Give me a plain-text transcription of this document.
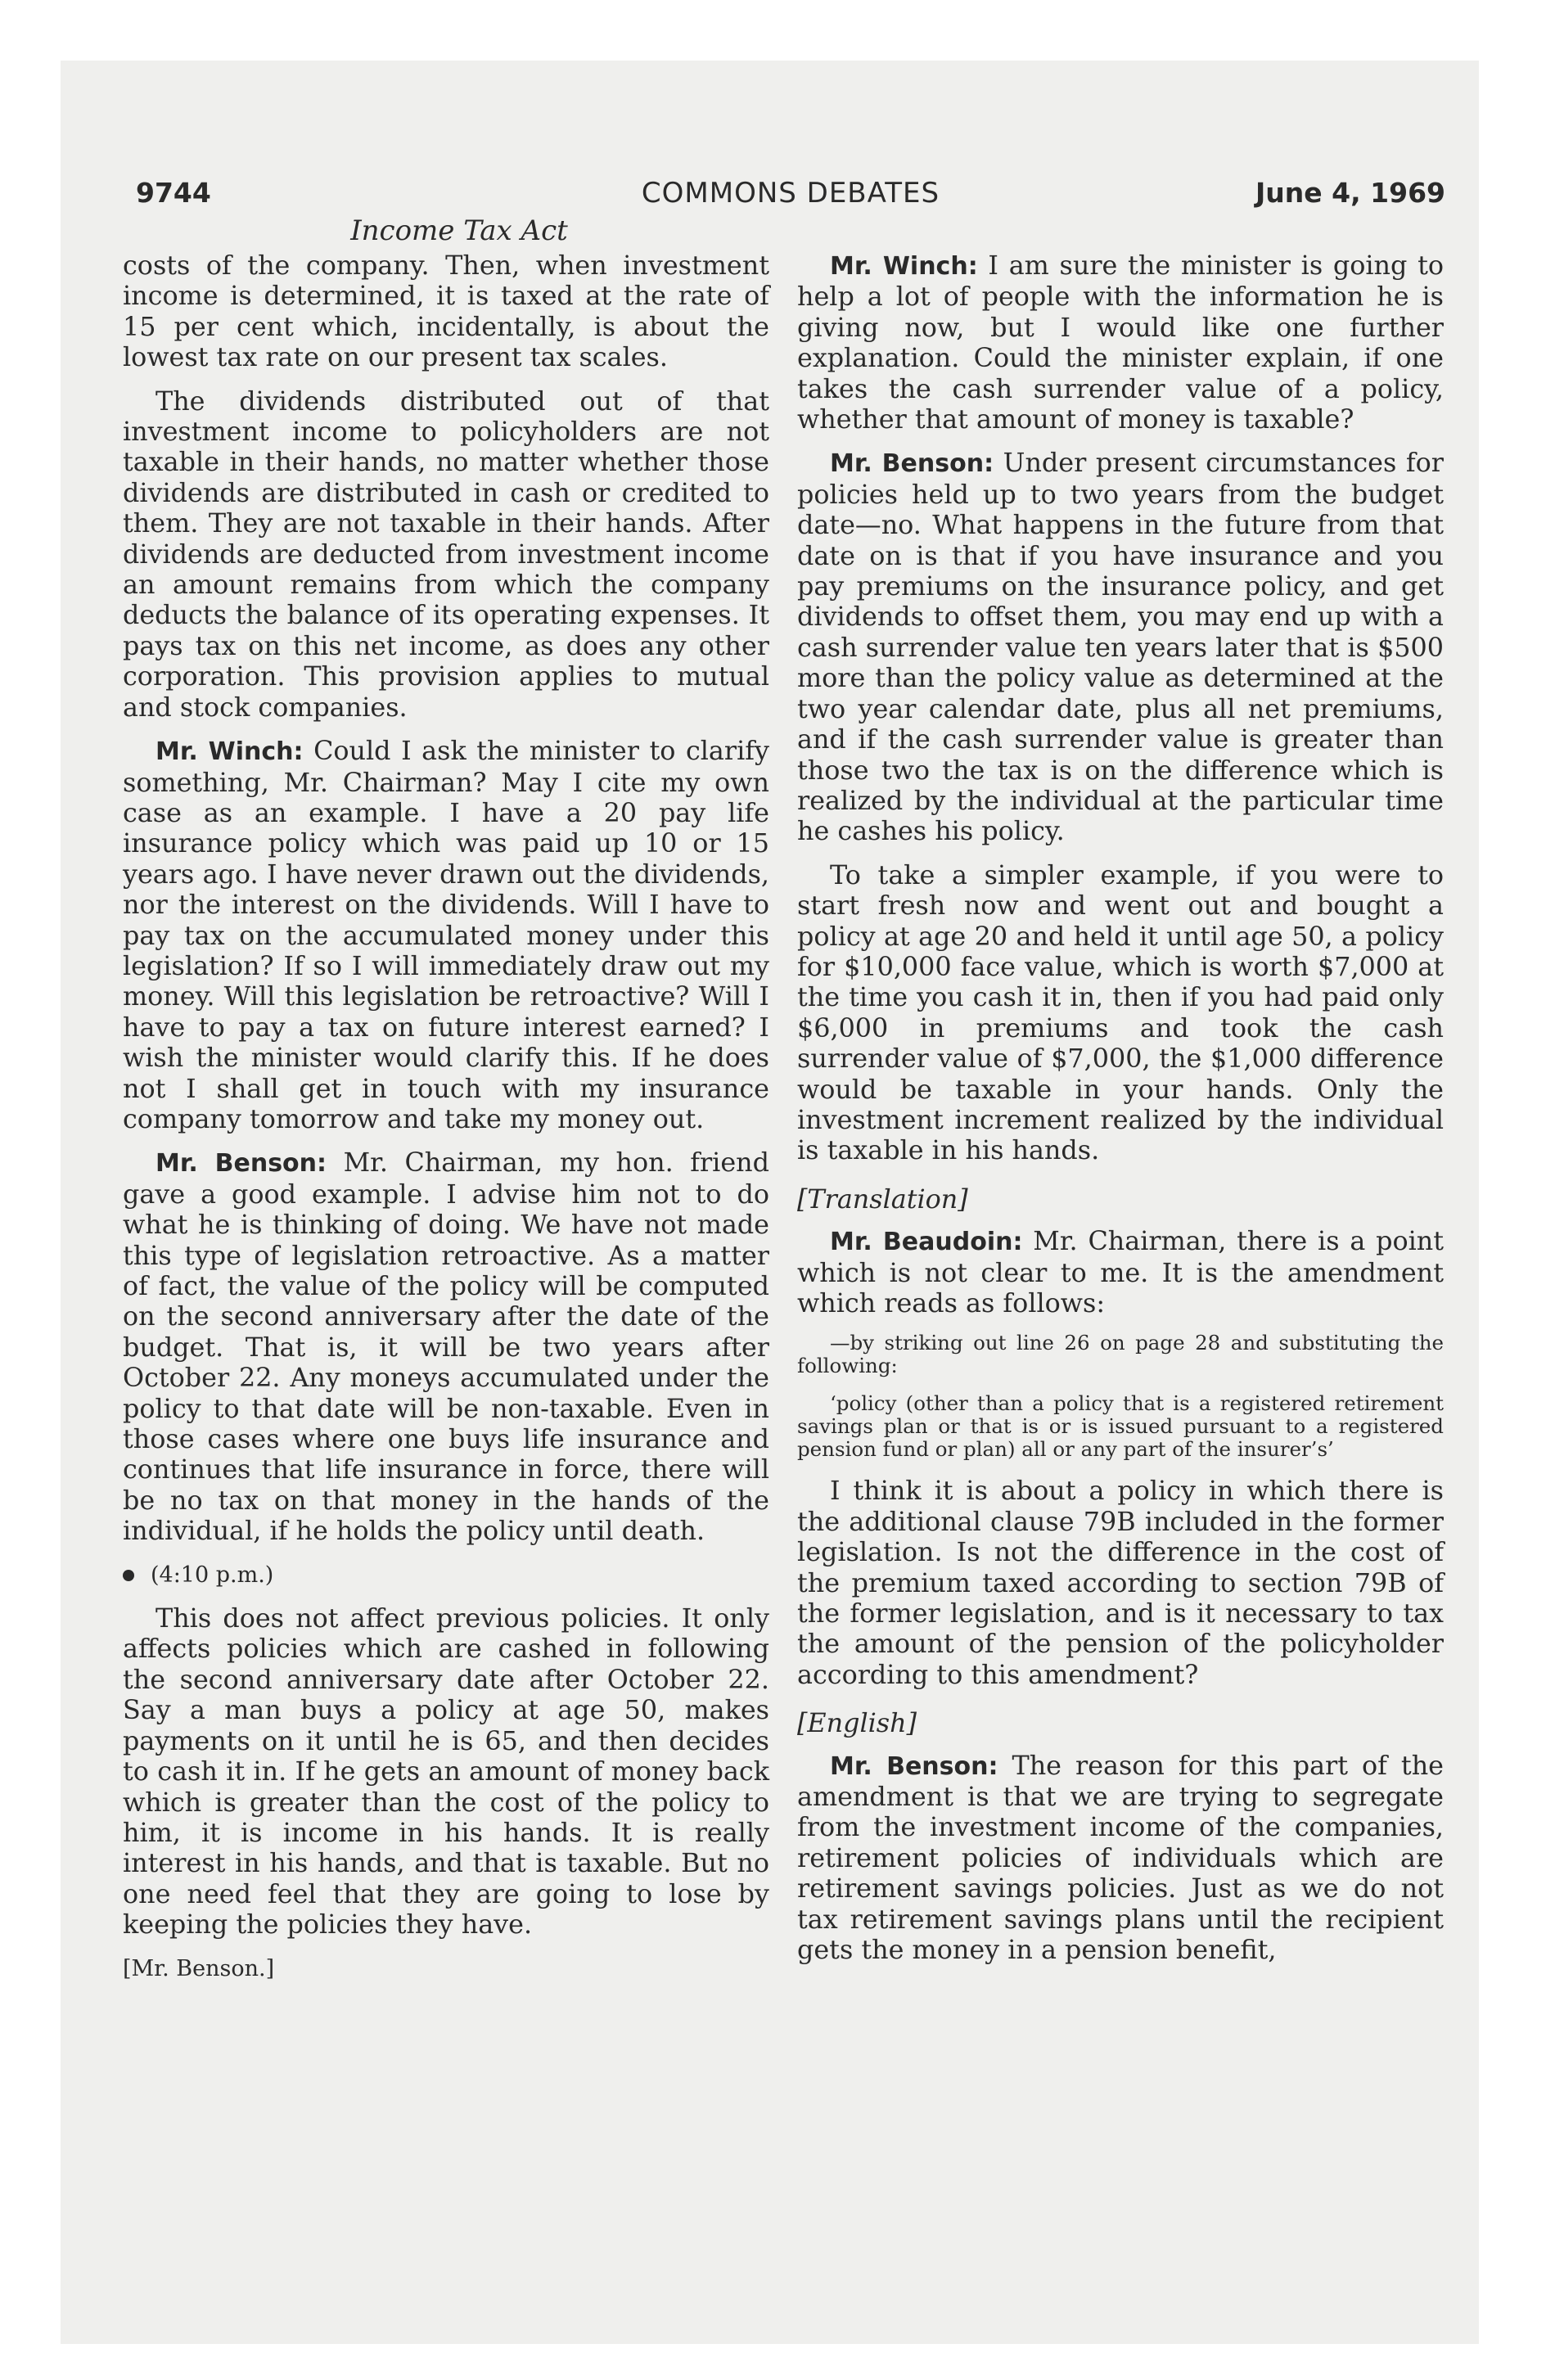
9744	COMMONS DEBATES	June 4, 1969
Income Tax Act

costs of the company. Then, when investment income is determined, it is taxed at the rate of 15 per cent which, incidentally, is about the lowest tax rate on our present tax scales.

The dividends distributed out of that investment income to policyholders are not taxable in their hands, no matter whether those dividends are distributed in cash or credited to them. They are not taxable in their hands. After dividends are deducted from investment income an amount remains from which the company deducts the balance of its operating expenses. It pays tax on this net income, as does any other corporation. This provision applies to mutual and stock companies.

Mr. Winch: Could I ask the minister to clarify something, Mr. Chairman? May I cite my own case as an example. I have a 20 pay life insurance policy which was paid up 10 or 15 years ago. I have never drawn out the dividends, nor the interest on the dividends. Will I have to pay tax on the accumulated money under this legislation? If so I will immediately draw out my money. Will this legislation be retroactive? Will I have to pay a tax on future interest earned? I wish the minister would clarify this. If he does not I shall get in touch with my insurance company tomorrow and take my money out.

Mr. Benson: Mr. Chairman, my hon. friend gave a good example. I advise him not to do what he is thinking of doing. We have not made this type of legislation retroactive. As a matter of fact, the value of the policy will be computed on the second anniversary after the date of the budget. That is, it will be two years after October 22. Any moneys accumulated under the policy to that date will be non-taxable. Even in those cases where one buys life insurance and continues that life insurance in force, there will be no tax on that money in the hands of the individual, if he holds the policy until death.

(4:10 p.m.)

This does not affect previous policies. It only affects policies which are cashed in following the second anniversary date after October 22. Say a man buys a policy at age 50, makes payments on it until he is 65, and then decides to cash it in. If he gets an amount of money back which is greater than the cost of the policy to him, it is income in his hands. It is really interest in his hands, and that is taxable. But no one need feel that they are going to lose by keeping the policies they have.

[Mr. Benson.]

Mr. Winch: I am sure the minister is going to help a lot of people with the information he is giving now, but I would like one further explanation. Could the minister explain, if one takes the cash surrender value of a policy, whether that amount of money is taxable?

Mr. Benson: Under present circumstances for policies held up to two years from the budget date—no. What happens in the future from that date on is that if you have insurance and you pay premiums on the insurance policy, and get dividends to offset them, you may end up with a cash surrender value ten years later that is $500 more than the policy value as determined at the two year calendar date, plus all net premiums, and if the cash surrender value is greater than those two the tax is on the difference which is realized by the individual at the particular time he cashes his policy.

To take a simpler example, if you were to start fresh now and went out and bought a policy at age 20 and held it until age 50, a policy for $10,000 face value, which is worth $7,000 at the time you cash it in, then if you had paid only $6,000 in premiums and took the cash surrender value of $7,000, the $1,000 difference would be taxable in your hands. Only the investment increment realized by the individual is taxable in his hands.

[Translation]

Mr. Beaudoin: Mr. Chairman, there is a point which is not clear to me. It is the amendment which reads as follows:

—by striking out line 26 on page 28 and substituting the following:

‘policy (other than a policy that is a registered retirement savings plan or that is or is issued pursuant to a registered pension fund or plan) all or any part of the insurer’s’

I think it is about a policy in which there is the additional clause 79B included in the former legislation. Is not the difference in the cost of the premium taxed according to section 79B of the former legislation, and is it necessary to tax the amount of the pension of the policyholder according to this amendment?

[English]

Mr. Benson: The reason for this part of the amendment is that we are trying to segregate from the investment income of the companies, retirement policies of individuals which are retirement savings policies. Just as we do not tax retirement savings plans until the recipient gets the money in a pension benefit,
